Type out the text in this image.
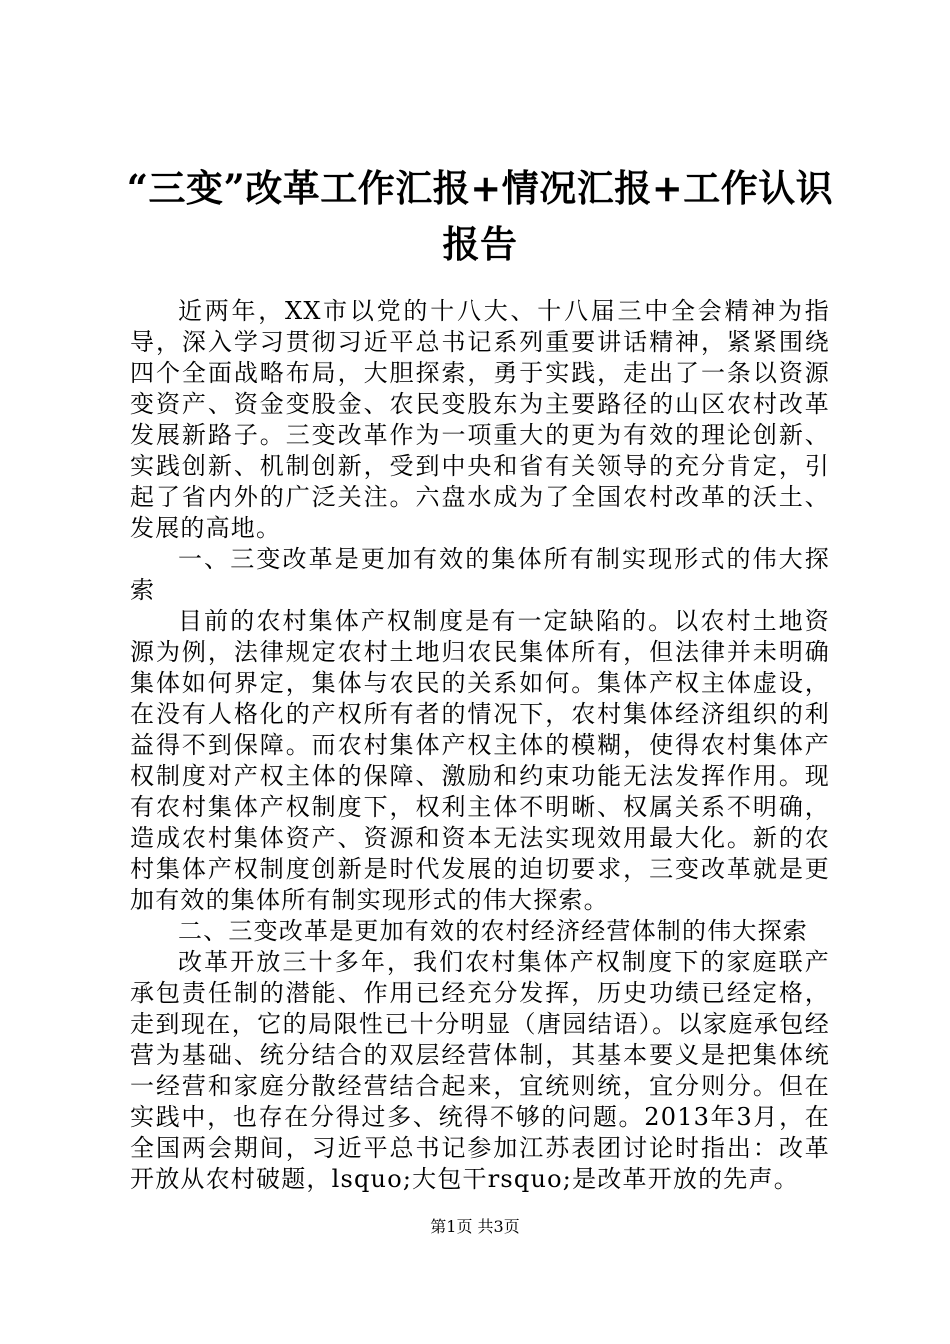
“三变”改革工作汇报+情况汇报+工作认识报告

近两年，XX市以党的十八大、十八届三中全会精神为指导，深入学习贯彻习近平总书记系列重要讲话精神，紧紧围绕四个全面战略布局，大胆探索，勇于实践，走出了一条以资源变资产、资金变股金、农民变股东为主要路径的山区农村改革发展新路子。三变改革作为一项重大的更为有效的理论创新、实践创新、机制创新，受到中央和省有关领导的充分肯定，引起了省内外的广泛关注。六盘水成为了全国农村改革的沃土、发展的高地。

一、三变改革是更加有效的集体所有制实现形式的伟大探索

目前的农村集体产权制度是有一定缺陷的。以农村土地资源为例，法律规定农村土地归农民集体所有，但法律并未明确集体如何界定，集体与农民的关系如何。集体产权主体虚设，在没有人格化的产权所有者的情况下，农村集体经济组织的利益得不到保障。而农村集体产权主体的模糊，使得农村集体产权制度对产权主体的保障、激励和约束功能无法发挥作用。现有农村集体产权制度下，权利主体不明晰、权属关系不明确，造成农村集体资产、资源和资本无法实现效用最大化。新的农村集体产权制度创新是时代发展的迫切要求，三变改革就是更加有效的集体所有制实现形式的伟大探索。

二、三变改革是更加有效的农村经济经营体制的伟大探索

改革开放三十多年，我们农村集体产权制度下的家庭联产承包责任制的潜能、作用已经充分发挥，历史功绩已经定格，走到现在，它的局限性已十分明显（唐园结语）。以家庭承包经营为基础、统分结合的双层经营体制，其基本要义是把集体统一经营和家庭分散经营结合起来，宜统则统，宜分则分。但在实践中，也存在分得过多、统得不够的问题。2013年3月，在全国两会期间，习近平总书记参加江苏表团讨论时指出：改革开放从农村破题，lsquo;大包干rsquo;是改革开放的先声。

第1页 共3页
